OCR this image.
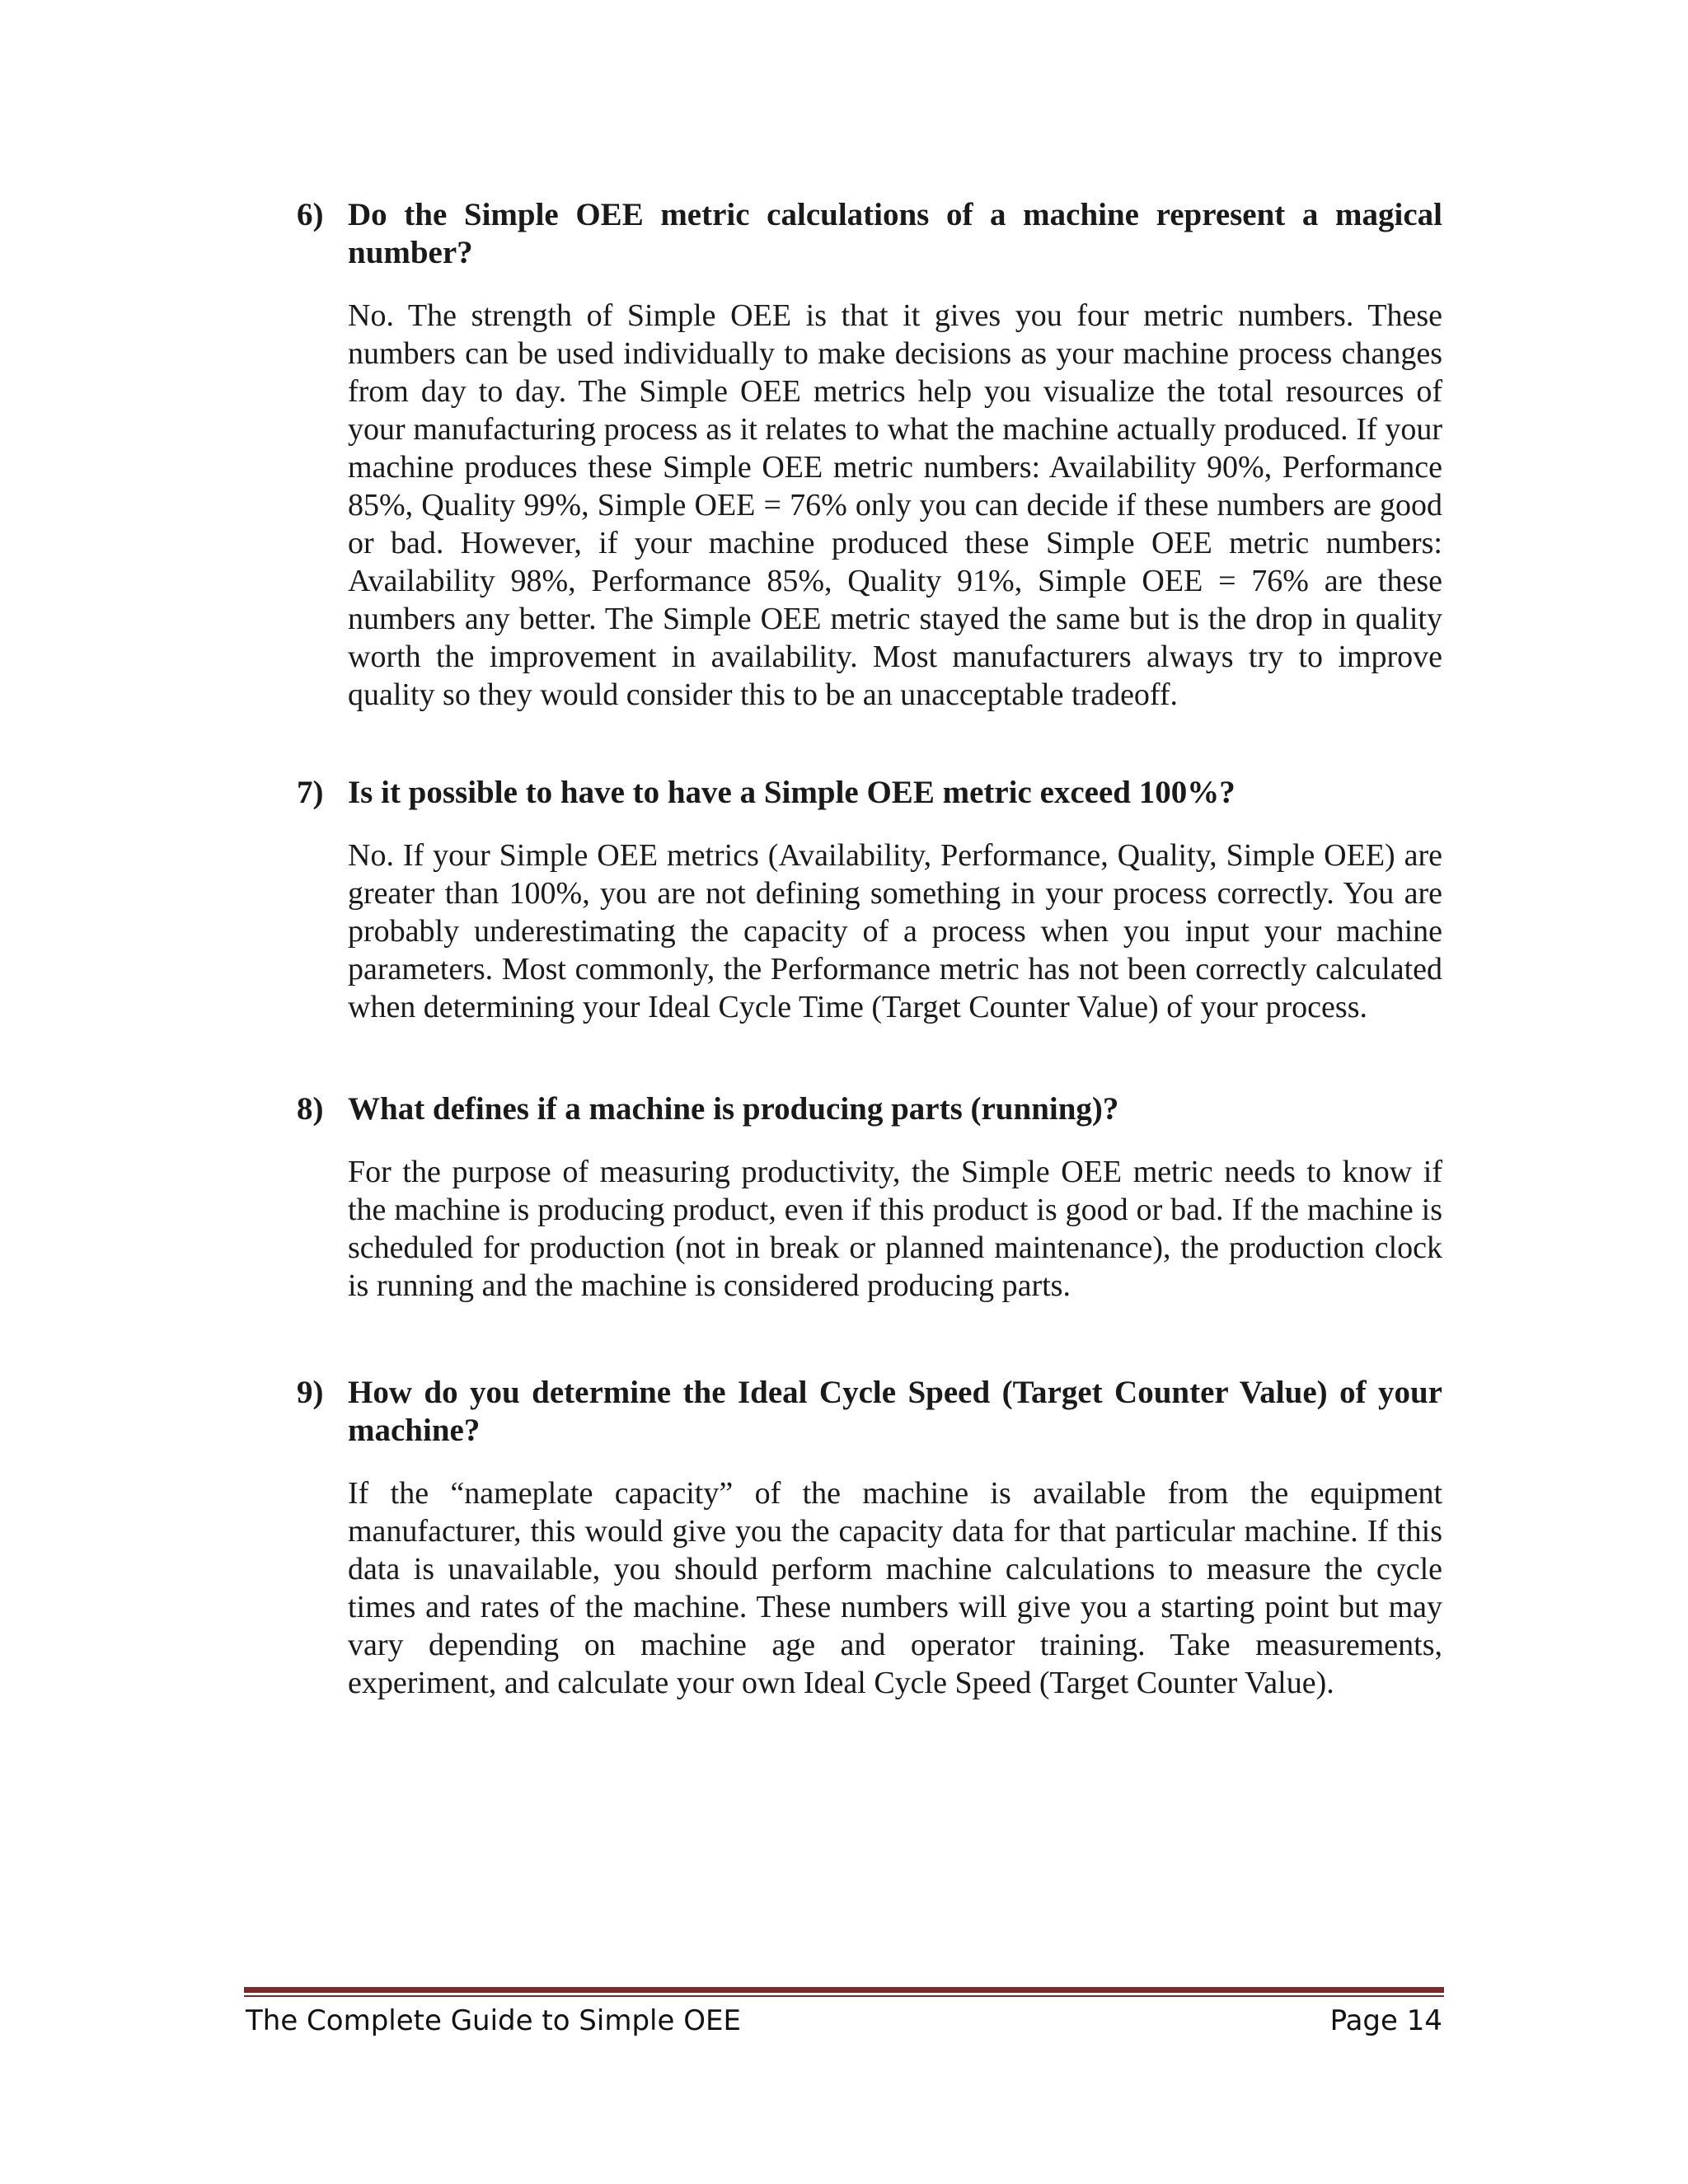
6) Do the Simple OEE metric calculations of a machine represent a magical number?

No. The strength of Simple OEE is that it gives you four metric numbers. These numbers can be used individually to make decisions as your machine process changes from day to day. The Simple OEE metrics help you visualize the total resources of your manufacturing process as it relates to what the machine actually produced. If your machine produces these Simple OEE metric numbers: Availability 90%, Performance 85%, Quality 99%, Simple OEE = 76% only you can decide if these numbers are good or bad. However, if your machine produced these Simple OEE metric numbers: Availability 98%, Performance 85%, Quality 91%, Simple OEE = 76% are these numbers any better. The Simple OEE metric stayed the same but is the drop in quality worth the improvement in availability. Most manufacturers always try to improve quality so they would consider this to be an unacceptable tradeoff.

7) Is it possible to have to have a Simple OEE metric exceed 100%?

No. If your Simple OEE metrics (Availability, Performance, Quality, Simple OEE) are greater than 100%, you are not defining something in your process correctly. You are probably underestimating the capacity of a process when you input your machine parameters. Most commonly, the Performance metric has not been correctly calculated when determining your Ideal Cycle Time (Target Counter Value) of your process.

8) What defines if a machine is producing parts (running)?

For the purpose of measuring productivity, the Simple OEE metric needs to know if the machine is producing product, even if this product is good or bad. If the machine is scheduled for production (not in break or planned maintenance), the production clock is running and the machine is considered producing parts.

9) How do you determine the Ideal Cycle Speed (Target Counter Value) of your machine?

If the “nameplate capacity” of the machine is available from the equipment manufacturer, this would give you the capacity data for that particular machine. If this data is unavailable, you should perform machine calculations to measure the cycle times and rates of the machine. These numbers will give you a starting point but may vary depending on machine age and operator training. Take measurements, experiment, and calculate your own Ideal Cycle Speed (Target Counter Value).

The Complete Guide to Simple OEE	Page 14
